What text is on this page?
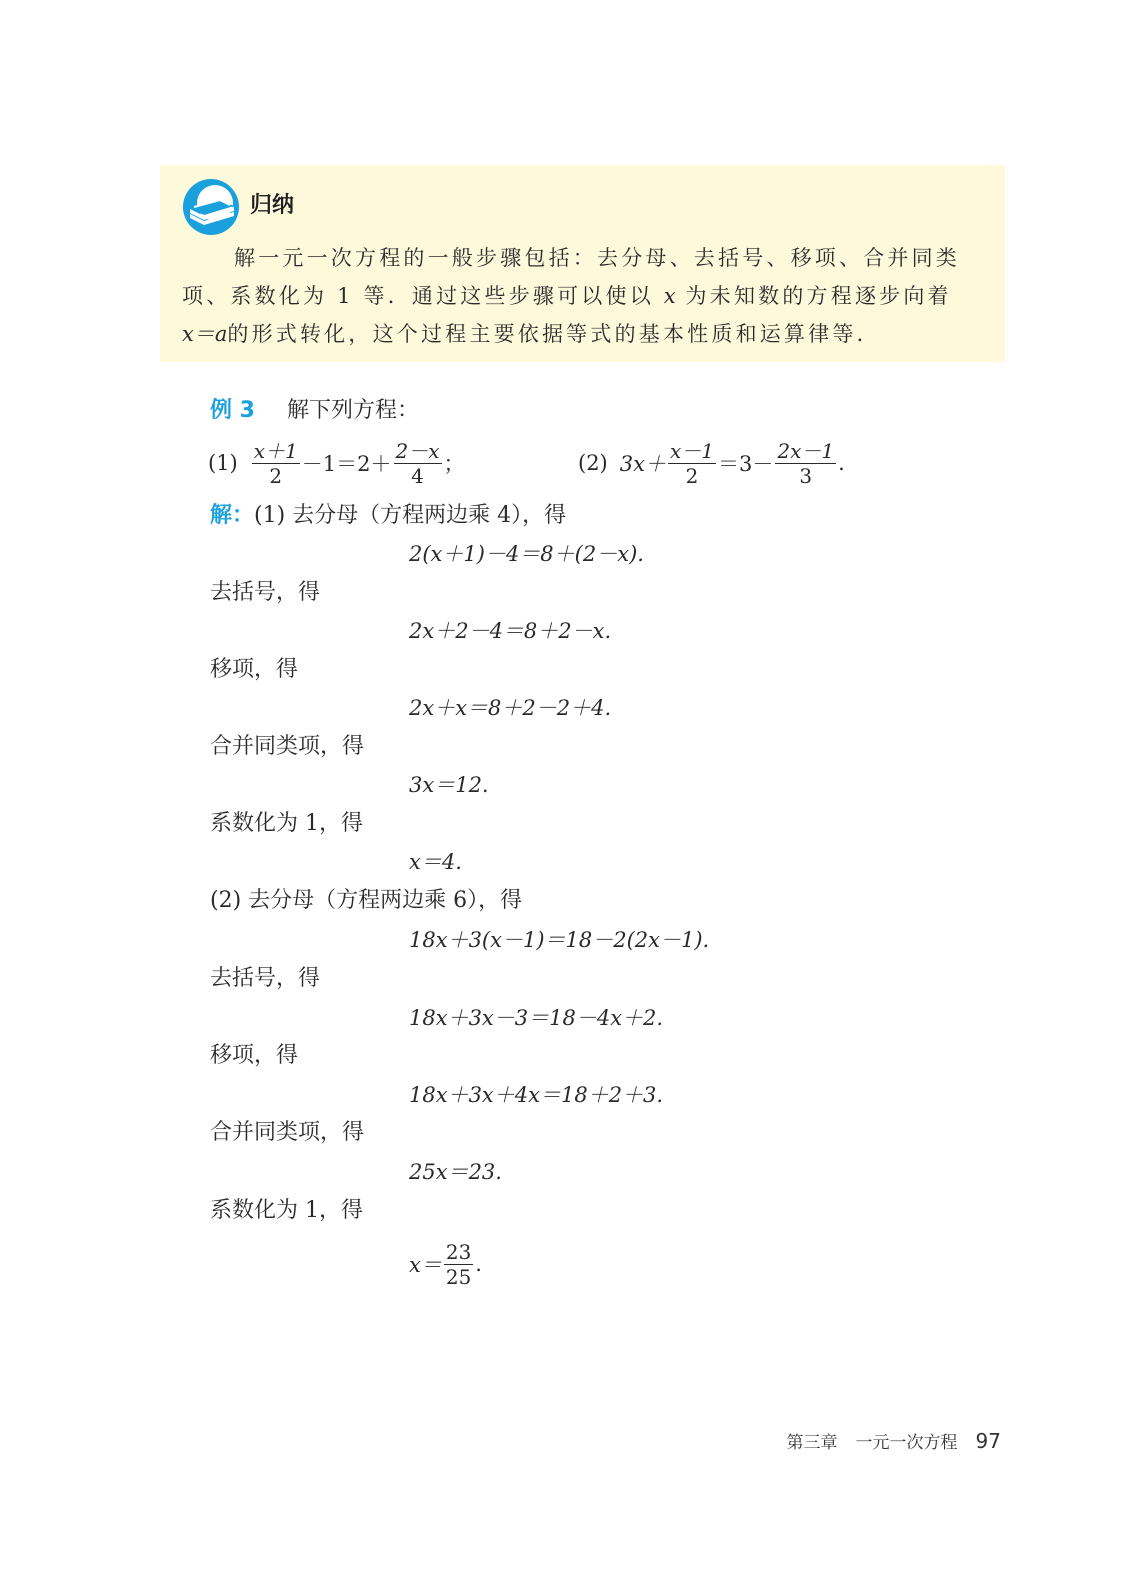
归纳
解一元一次方程的一般步骤包括：去分母、去括号、移项、合并同类
项、系数化为 1 等．通过这些步骤可以使以 x 为未知数的方程逐步向着
x＝a的形式转化，这个过程主要依据等式的基本性质和运算律等．
例 3 解下列方程：
$(1) \frac{x+1}{2} -1=2+ \frac{2-x}{4}$ ；	(2) $3x+ \frac{x-1}{2} =3- \frac{2x-1}{3}$ .
解：(1) 去分母（方程两边乘 4），得
2(x＋1)－4＝8＋(2－x).
去括号，得
2x＋2－4＝8＋2－x.
移项，得
2x＋x＝8＋2－2＋4.
合并同类项，得
3x＝12.
系数化为 1，得
x＝4.
(2) 去分母（方程两边乘 6），得
18x＋3(x－1)＝18－2(2x－1).
去括号，得
18x＋3x－3＝18－4x＋2.
移项，得
18x＋3x＋4x＝18＋2＋3.
合并同类项，得
25x＝23.
系数化为 1，得
$x= \frac{23}{25}$ .
第三章 一元一次方程 97
